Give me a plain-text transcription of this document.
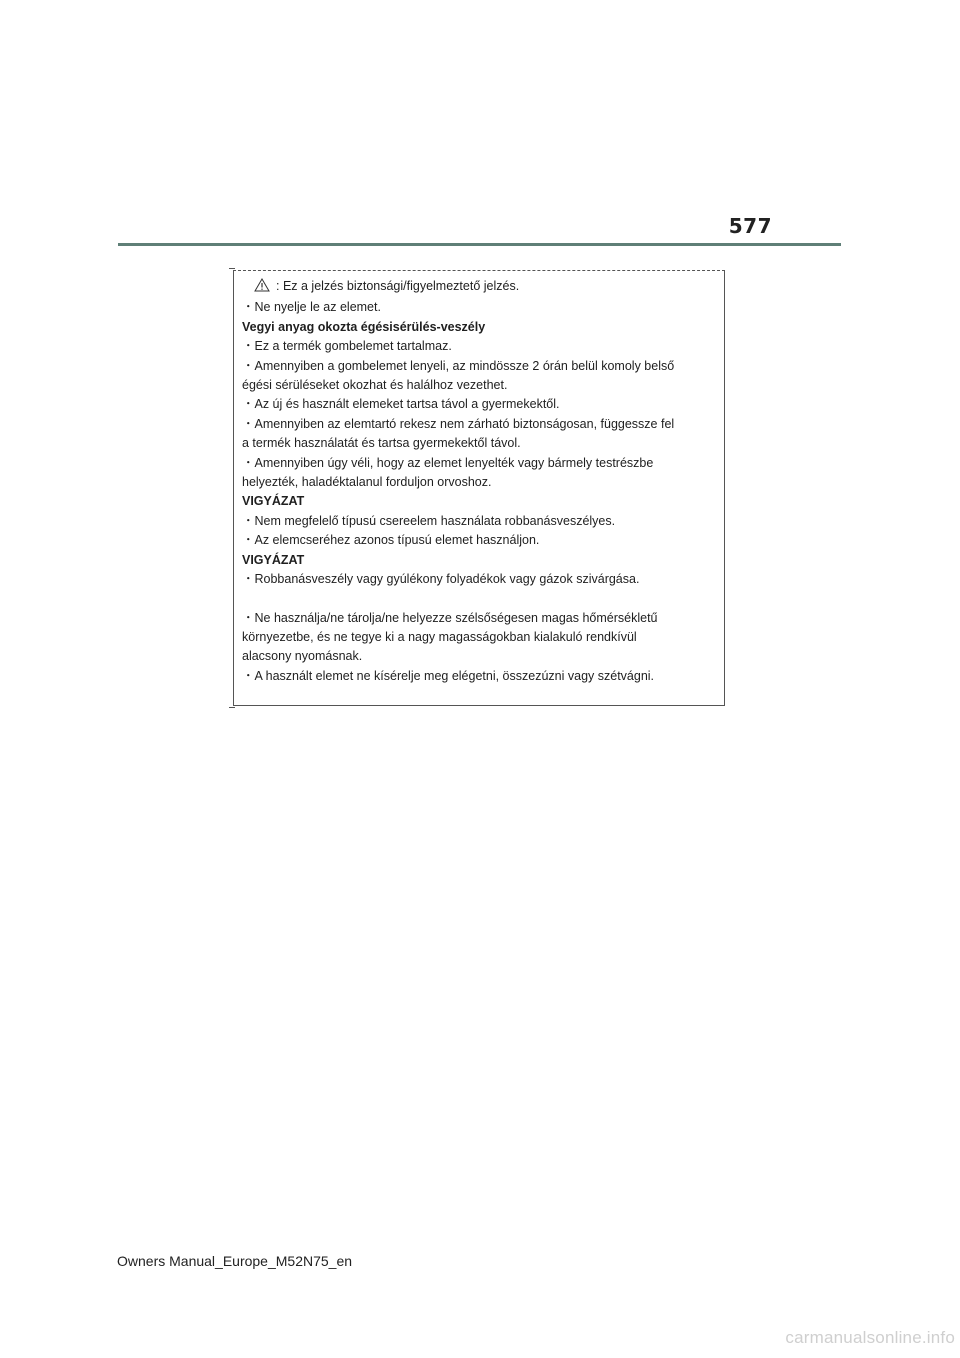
577
: Ez a jelzés biztonsági/figyelmeztető jelzés.
・Ne nyelje le az elemet.
Vegyi anyag okozta égésisérülés-veszély
・Ez a termék gombelemet tartalmaz.
・Amennyiben a gombelemet lenyeli, az mindössze 2 órán belül komoly belső
égési sérüléseket okozhat és halálhoz vezethet.
・Az új és használt elemeket tartsa távol a gyermekektől.
・Amennyiben az elemtartó rekesz nem zárható biztonságosan, függessze fel
a termék használatát és tartsa gyermekektől távol.
・Amennyiben úgy véli, hogy az elemet lenyelték vagy bármely testrészbe
helyezték, haladéktalanul forduljon orvoshoz.
VIGYÁZAT
・Nem megfelelő típusú csereelem használata robbanásveszélyes.
・Az elemcseréhez azonos típusú elemet használjon.
VIGYÁZAT
・Robbanásveszély vagy gyúlékony folyadékok vagy gázok szivárgása.
・Ne használja/ne tárolja/ne helyezze szélsőségesen magas hőmérsékletű
környezetbe, és ne tegye ki a nagy magasságokban kialakuló rendkívül
alacsony nyomásnak.
・A használt elemet ne kísérelje meg elégetni, összezúzni vagy szétvágni.
Owners Manual_Europe_M52N75_en
carmanualsonline.info
